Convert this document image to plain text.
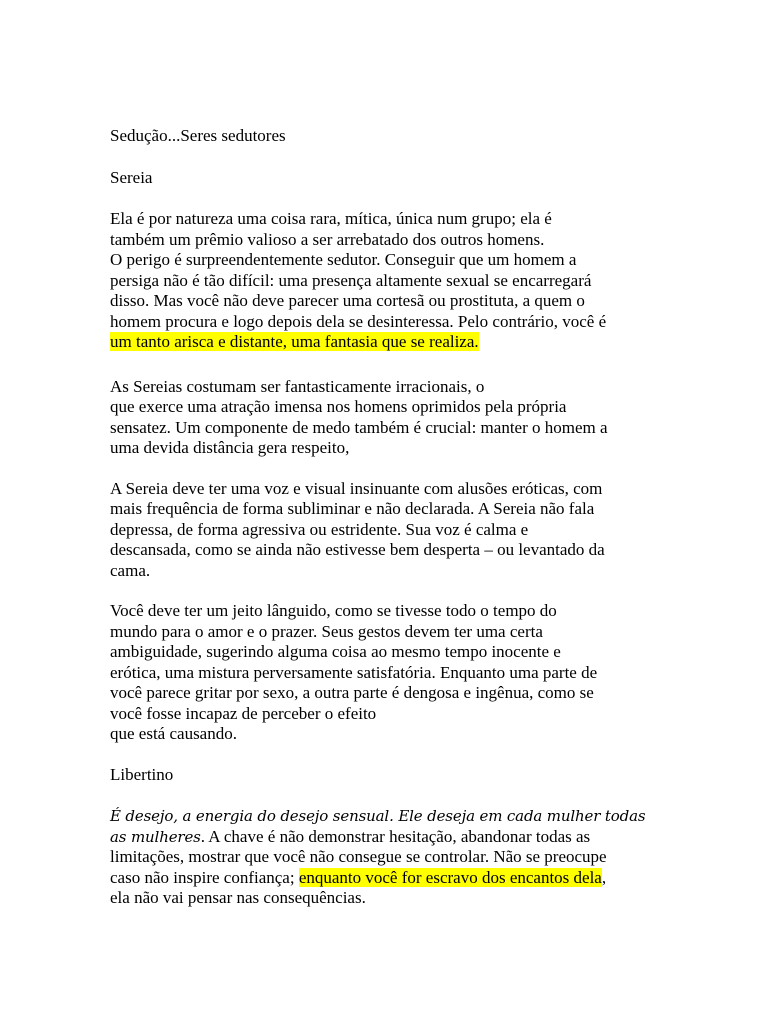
Sedução...Seres sedutores

Sereia

Ela é por natureza uma coisa rara, mítica, única num grupo; ela é

também um prêmio valioso a ser arrebatado dos outros homens.

O perigo é surpreendentemente sedutor. Conseguir que um homem a

persiga não é tão difícil: uma presença altamente sexual se encarregará

disso. Mas você não deve parecer uma cortesã ou prostituta, a quem o

homem procura e logo depois dela se desinteressa. Pelo contrário, você é

um tanto arisca e distante, uma fantasia que se realiza.

As Sereias costumam ser fantasticamente irracionais, o

que exerce uma atração imensa nos homens oprimidos pela própria

sensatez. Um componente de medo também é crucial: manter o homem a

uma devida distância gera respeito,

A Sereia deve ter uma voz e visual insinuante com alusões eróticas, com

mais frequência de forma subliminar e não declarada. A Sereia não fala

depressa, de forma agressiva ou estridente. Sua voz é calma e

descansada, como se ainda não estivesse bem desperta – ou levantado da

cama.

Você deve ter um jeito lânguido, como se tivesse todo o tempo do

mundo para o amor e o prazer. Seus gestos devem ter uma certa

ambiguidade, sugerindo alguma coisa ao mesmo tempo inocente e

erótica, uma mistura perversamente satisfatória. Enquanto uma parte de

você parece gritar por sexo, a outra parte é dengosa e ingênua, como se

você fosse incapaz de perceber o efeito

que está causando.

Libertino

É desejo, a energia do desejo sensual. Ele deseja em cada mulher todas

as mulheres. A chave é não demonstrar hesitação, abandonar todas as

limitações, mostrar que você não consegue se controlar. Não se preocupe

caso não inspire confiança; enquanto você for escravo dos encantos dela,

ela não vai pensar nas consequências.
